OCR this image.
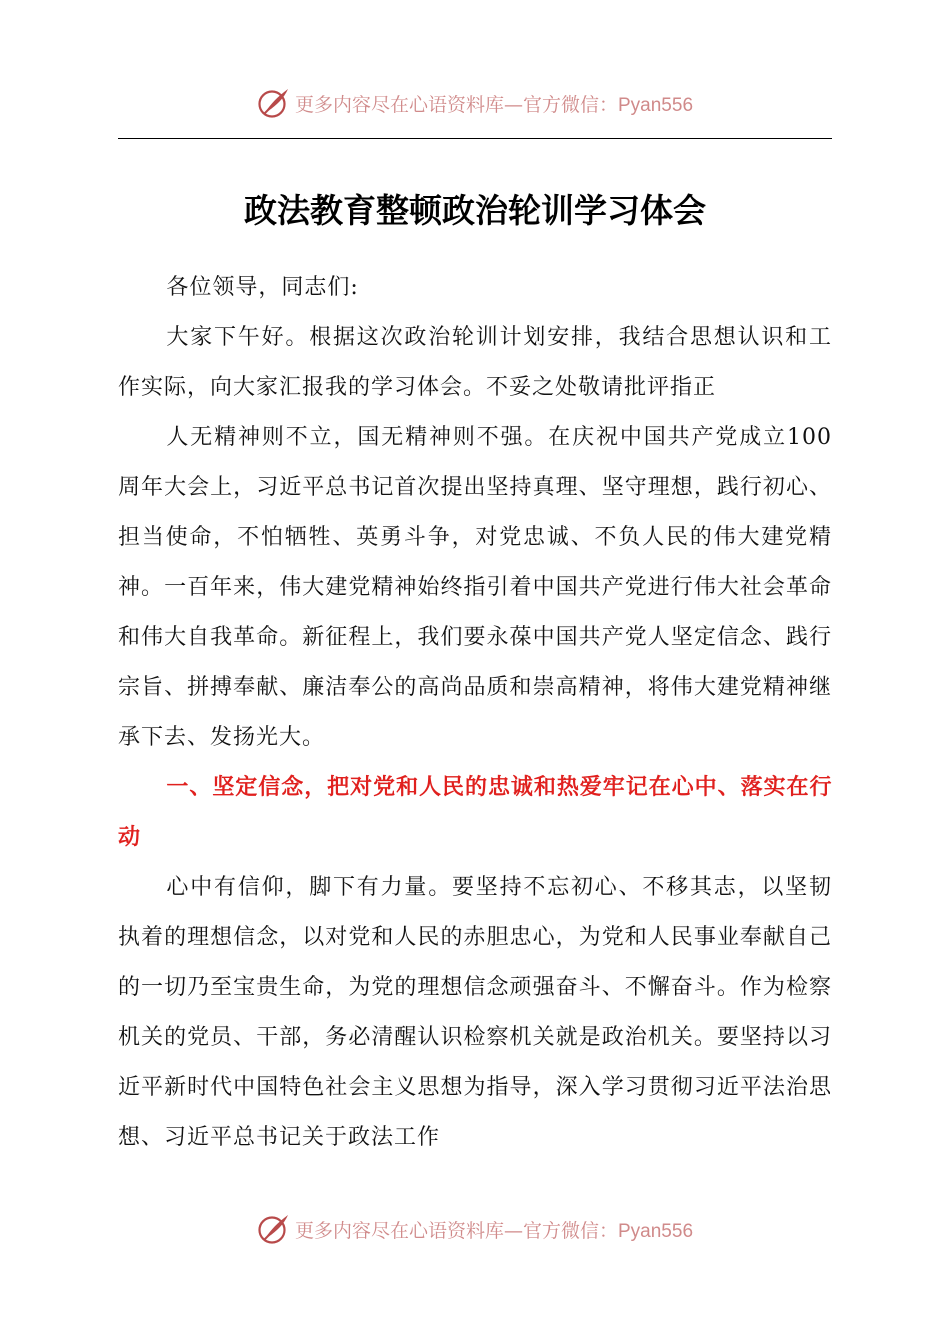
更多内容尽在心语资料库—官方微信：Pyan556
政法教育整顿政治轮训学习体会

各位领导，同志们:

大家下午好。根据这次政治轮训计划安排，我结合思想认识和工作实际，向大家汇报我的学习体会。不妥之处敬请批评指正

人无精神则不立，国无精神则不强。在庆祝中国共产党成立100周年大会上，习近平总书记首次提出坚持真理、坚守理想，践行初心、担当使命，不怕牺牲、英勇斗争，对党忠诚、不负人民的伟大建党精神。一百年来，伟大建党精神始终指引着中国共产党进行伟大社会革命和伟大自我革命。新征程上，我们要永葆中国共产党人坚定信念、践行宗旨、拼搏奉献、廉洁奉公的高尚品质和崇高精神，将伟大建党精神继承下去、发扬光大。

一、坚定信念，把对党和人民的忠诚和热爱牢记在心中、落实在行动

心中有信仰，脚下有力量。要坚持不忘初心、不移其志，以坚韧执着的理想信念，以对党和人民的赤胆忠心，为党和人民事业奉献自己的一切乃至宝贵生命，为党的理想信念顽强奋斗、不懈奋斗。作为检察机关的党员、干部，务必清醒认识检察机关就是政治机关。要坚持以习近平新时代中国特色社会主义思想为指导，深入学习贯彻习近平法治思想、习近平总书记关于政法工作

更多内容尽在心语资料库—官方微信：Pyan556
